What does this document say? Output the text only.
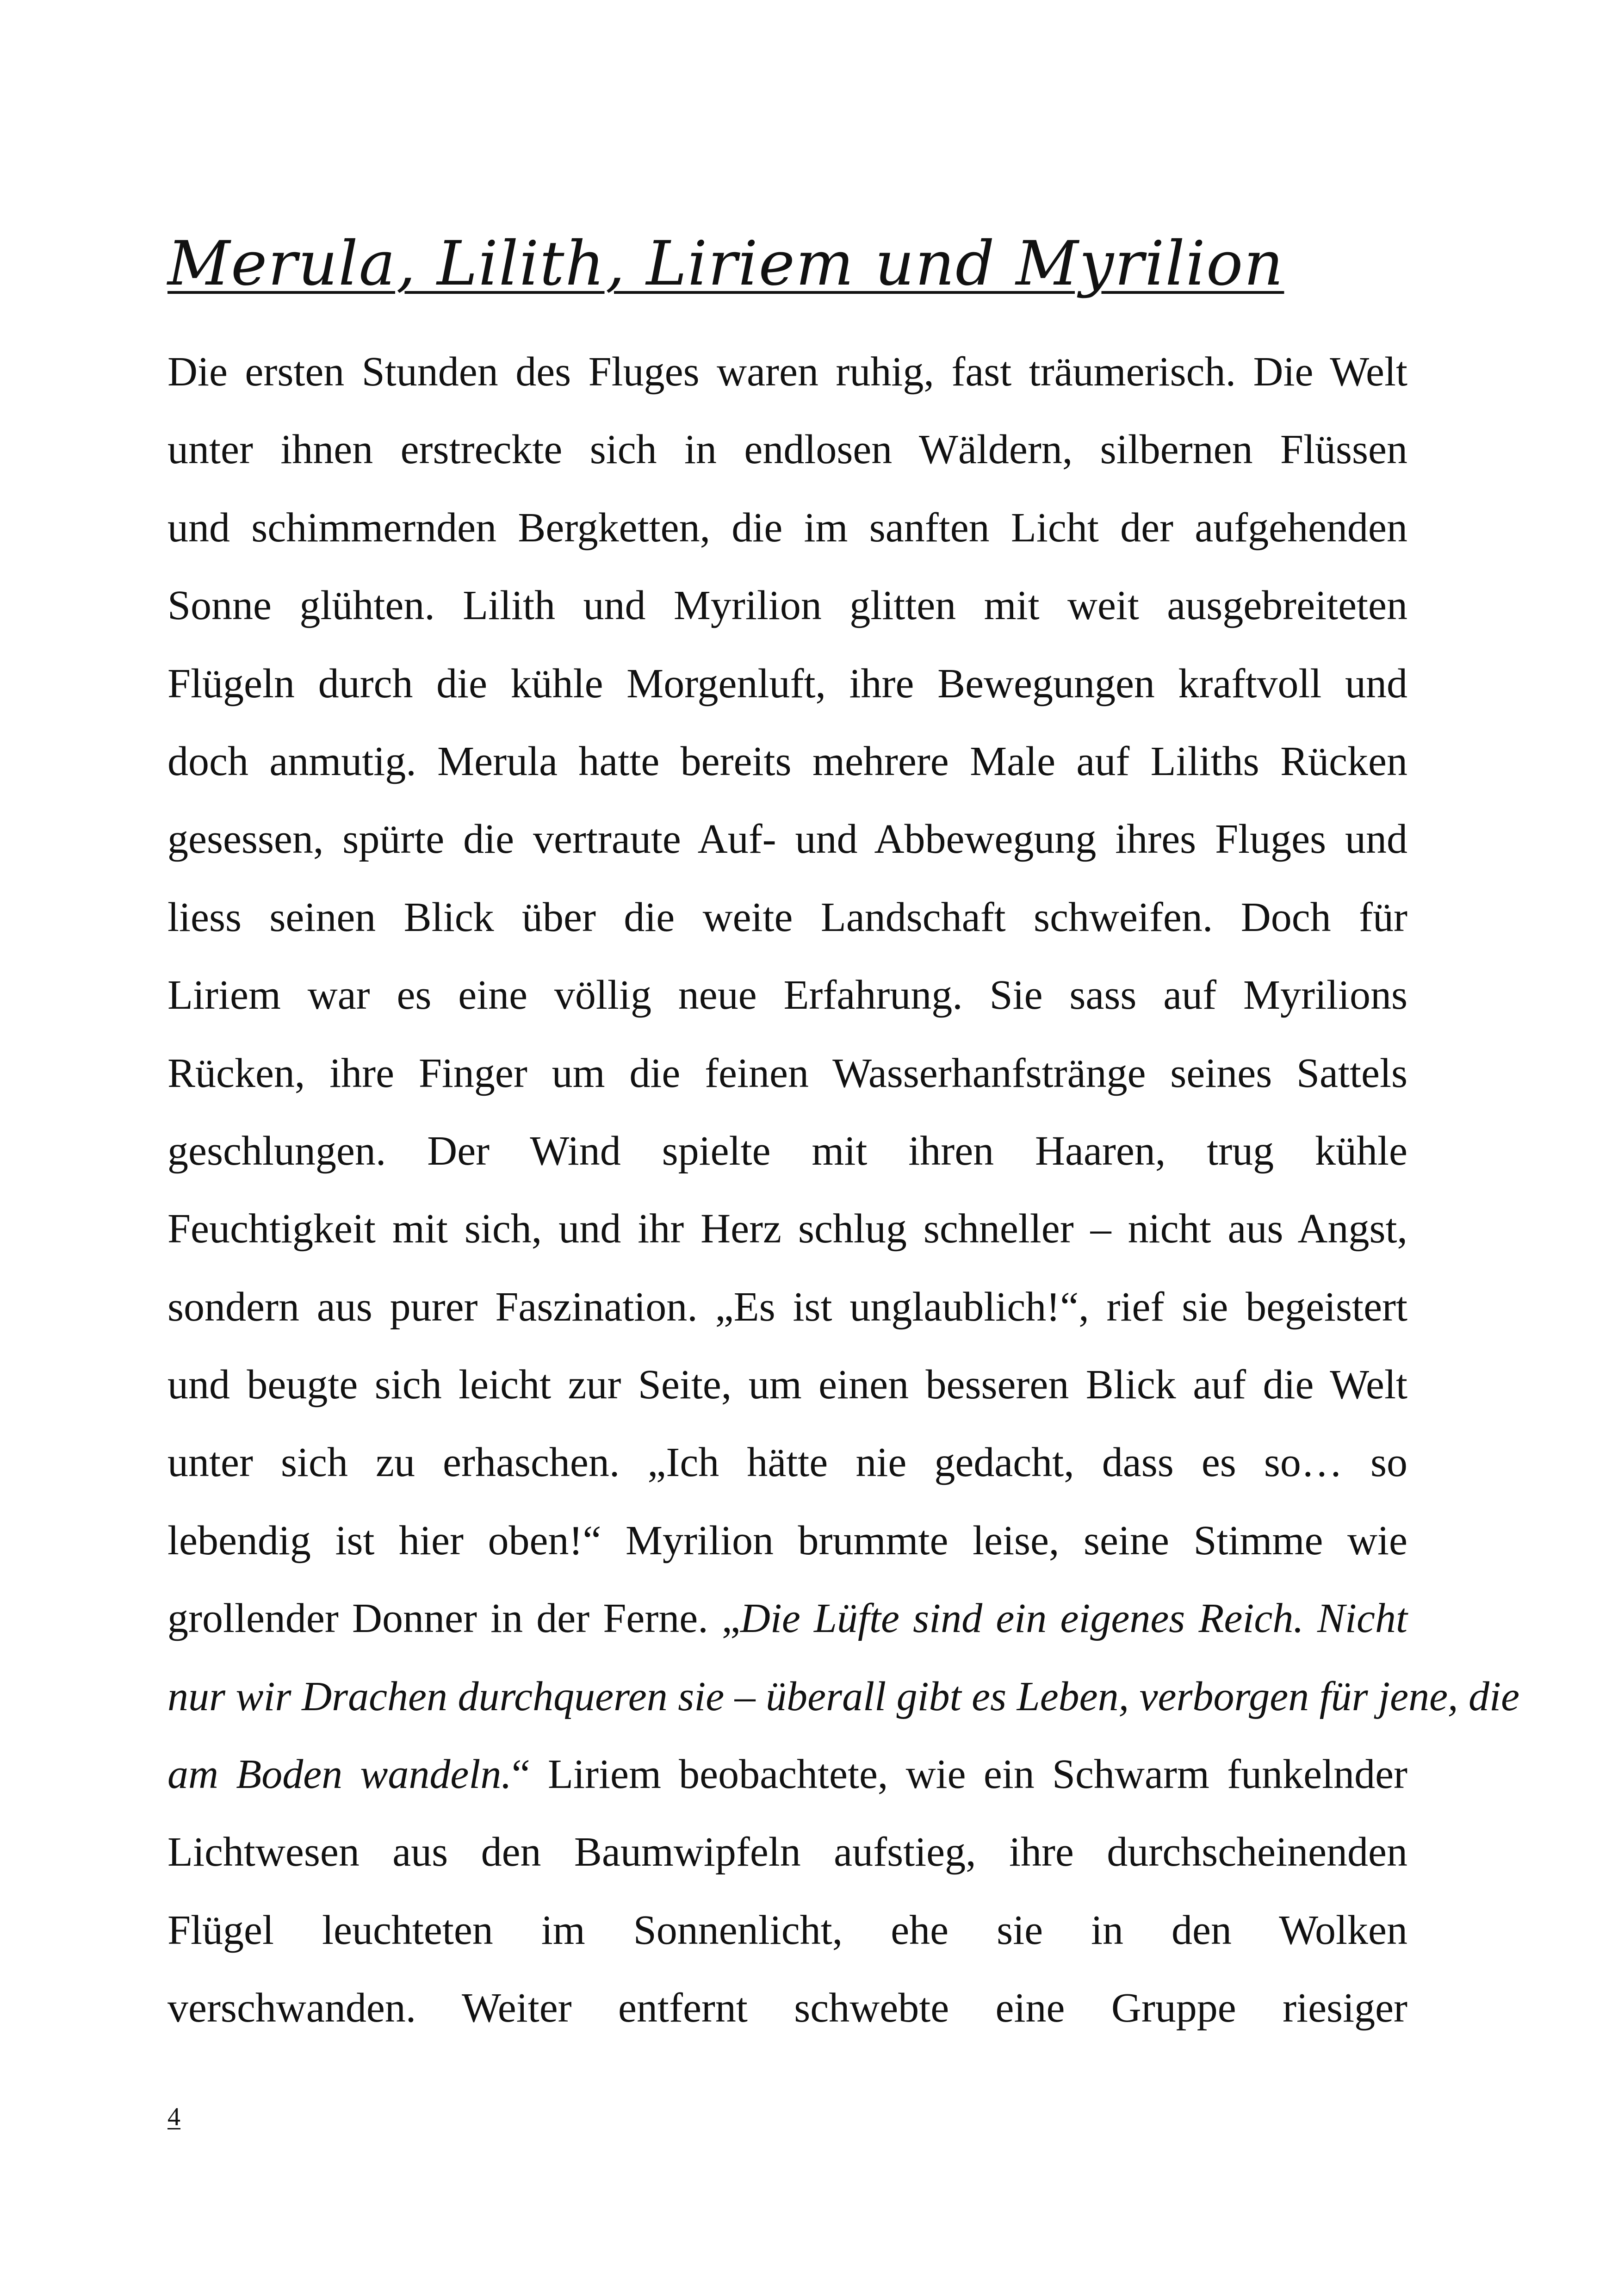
Merula, Lilith, Liriem und Myrilion
Die ersten Stunden des Fluges waren ruhig, fast träumerisch. Die Welt
unter ihnen erstreckte sich in endlosen Wäldern, silbernen Flüssen
und schimmernden Bergketten, die im sanften Licht der aufgehenden
Sonne glühten. Lilith und Myrilion glitten mit weit ausgebreiteten
Flügeln durch die kühle Morgenluft, ihre Bewegungen kraftvoll und
doch anmutig. Merula hatte bereits mehrere Male auf Liliths Rücken
gesessen, spürte die vertraute Auf- und Abbewegung ihres Fluges und
liess seinen Blick über die weite Landschaft schweifen. Doch für
Liriem war es eine völlig neue Erfahrung. Sie sass auf Myrilions
Rücken, ihre Finger um die feinen Wasserhanfstränge seines Sattels
geschlungen. Der Wind spielte mit ihren Haaren, trug kühle
Feuchtigkeit mit sich, und ihr Herz schlug schneller – nicht aus Angst,
sondern aus purer Faszination. „Es ist unglaublich!“, rief sie begeistert
und beugte sich leicht zur Seite, um einen besseren Blick auf die Welt
unter sich zu erhaschen. „Ich hätte nie gedacht, dass es so… so
lebendig ist hier oben!“ Myrilion brummte leise, seine Stimme wie
grollender Donner in der Ferne. „Die Lüfte sind ein eigenes Reich. Nicht
nur wir Drachen durchqueren sie – überall gibt es Leben, verborgen für jene, die
am Boden wandeln.“ Liriem beobachtete, wie ein Schwarm funkelnder
Lichtwesen aus den Baumwipfeln aufstieg, ihre durchscheinenden
Flügel leuchteten im Sonnenlicht, ehe sie in den Wolken
verschwanden. Weiter entfernt schwebte eine Gruppe riesiger
4
